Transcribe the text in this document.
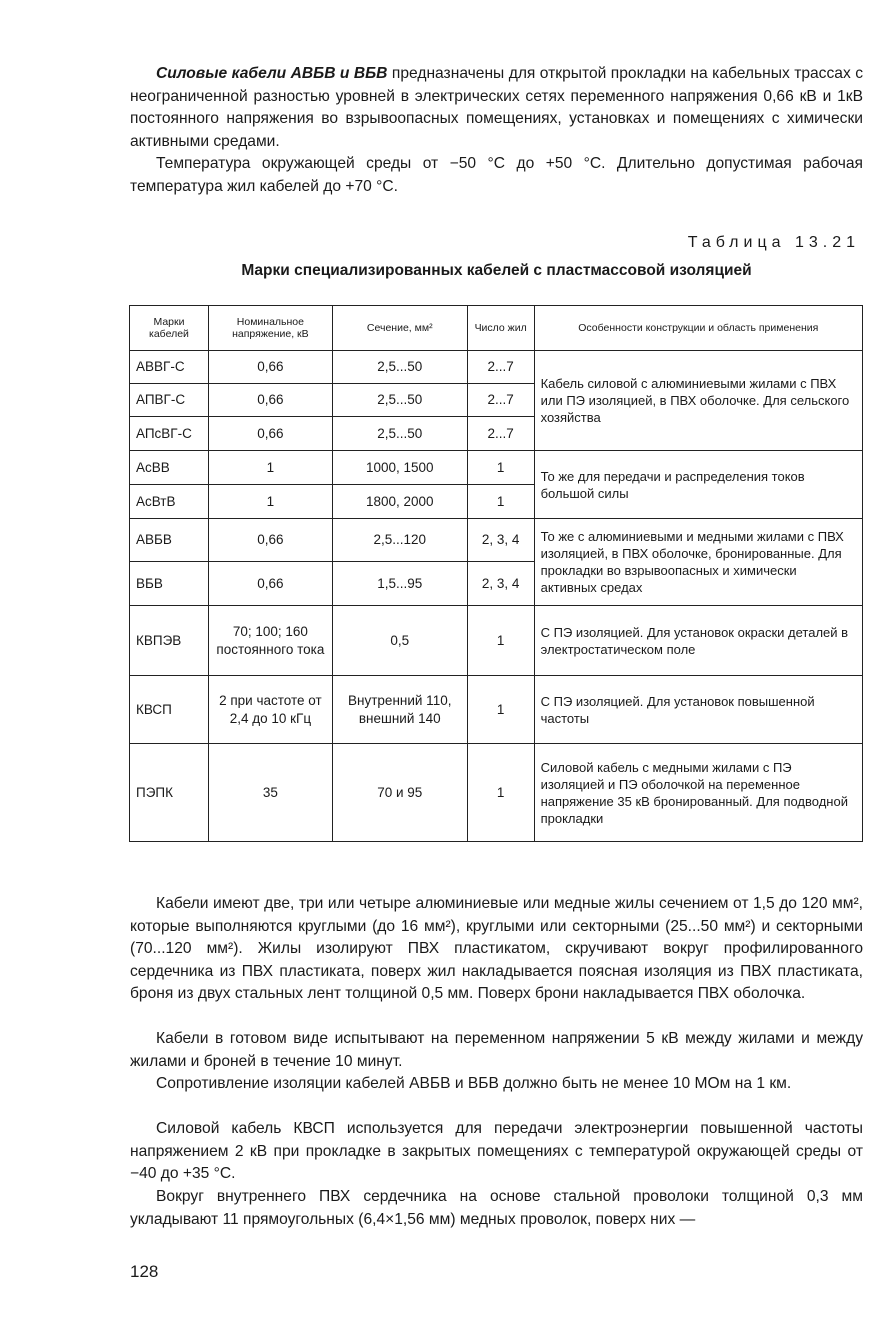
Силовые кабели АВБВ и ВБВ предназначены для открытой прокладки на кабельных трассах с неограниченной разностью уровней в электрических сетях переменного напряжения 0,66 кВ и 1кВ постоянного напряжения во взрывоопасных помещениях, установках и помещениях с химически активными средами.

Температура окружающей среды от −50 °С до +50 °С. Длительно допустимая рабочая температура жил кабелей до +70 °С.

Таблица 13.21
Марки специализированных кабелей с пластмассовой изоляцией
Марки кабелей	Номинальное напряжение, кВ	Сечение, мм²	Число жил	Особенности конструкции и область применения
АВВГ-С	0,66	2,5...50	2...7	Кабель силовой с алюминиевыми жилами с ПВХ или ПЭ изоляцией, в ПВХ оболочке. Для сельского хозяйства
АПВГ-С	0,66	2,5...50	2...7	
АПсВГ-С	0,66	2,5...50	2...7	
АсВВ	1	1000, 1500	1	То же для передачи и распределения токов большой силы
АсВтВ	1	1800, 2000	1	
АВБВ	0,66	2,5...120	2, 3, 4	То же с алюминиевыми и медными жилами с ПВХ изоляцией, в ПВХ оболочке, бронированные. Для прокладки во взрывоопасных и химически активных средах
ВБВ	0,66	1,5...95	2, 3, 4	
КВПЭВ	70; 100; 160 постоянного тока	0,5	1	С ПЭ изоляцией. Для установок окраски деталей в электростатическом поле
КВСП	2 при частоте от 2,4 до 10 кГц	Внутренний 110, внешний 140	1	С ПЭ изоляцией. Для установок повышенной частоты
ПЭПК	35	70 и 95	1	Силовой кабель с медными жилами с ПЭ изоляцией и ПЭ оболочкой на переменное напряжение 35 кВ бронированный. Для подводной прокладки

Кабели имеют две, три или четыре алюминиевые или медные жилы сечением от 1,5 до 120 мм², которые выполняются круглыми (до 16 мм²), круглыми или секторными (25...50 мм²) и секторными (70...120 мм²). Жилы изолируют ПВХ пластикатом, скручивают вокруг профилированного сердечника из ПВХ пластиката, поверх жил накладывается поясная изоляция из ПВХ пластиката, броня из двух стальных лент толщиной 0,5 мм. Поверх брони накладывается ПВХ оболочка.

Кабели в готовом виде испытывают на переменном напряжении 5 кВ между жилами и между жилами и броней в течение 10 минут.

Сопротивление изоляции кабелей АВБВ и ВБВ должно быть не менее 10 МОм на 1 км.

Силовой кабель КВСП используется для передачи электроэнергии повышенной частоты напряжением 2 кВ при прокладке в закрытых помещениях с температурой окружающей среды от −40 до +35 °С.

Вокруг внутреннего ПВХ сердечника на основе стальной проволоки толщиной 0,3 мм укладывают 11 прямоугольных (6,4×1,56 мм) медных проволок, поверх них —

128
